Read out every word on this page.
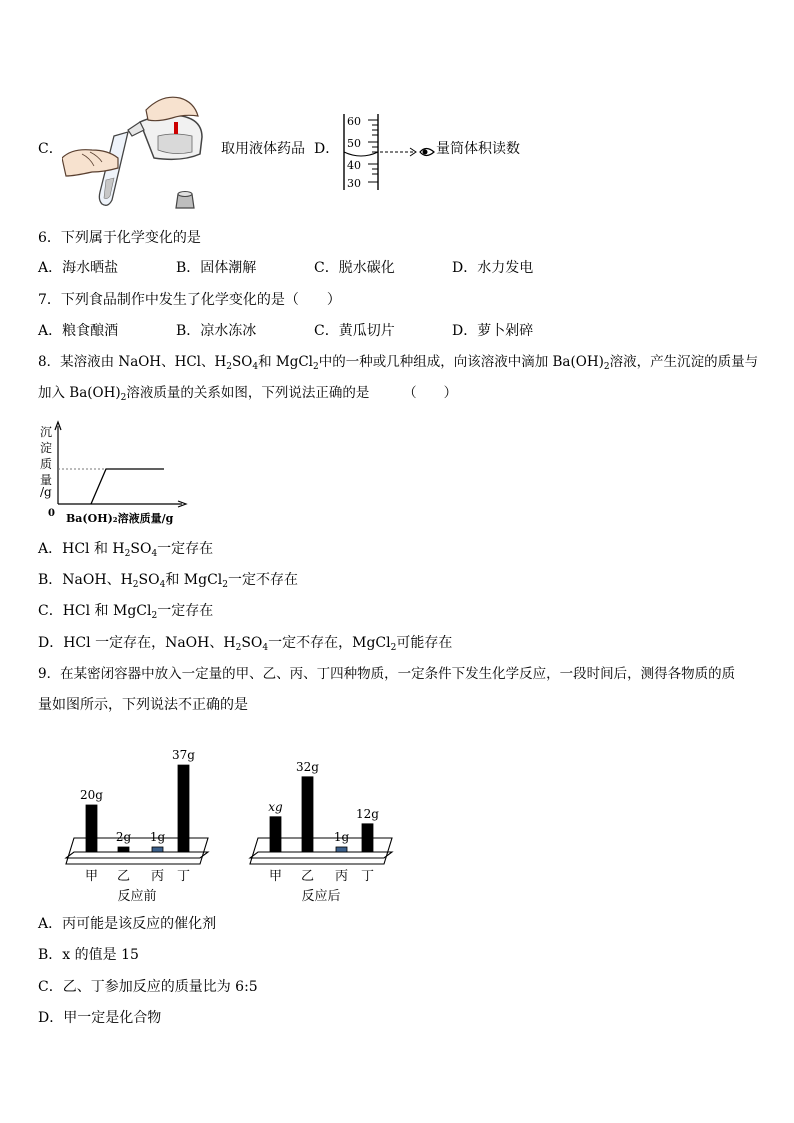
C．	取用液体药品 D．
60
50
40
30
量筒体积读数
6．下列属于化学变化的是
A．海水晒盐	B．固体潮解	C．脱水碳化	D．水力发电
7．下列食品制作中发生了化学变化的是（　　）
A．粮食酿酒	B．凉水冻冰	C．黄瓜切片	D．萝卜剁碎
8．某溶液由 NaOH、HCl、$H_2SO_4$和 MgCl$_2$中的一种或几种组成，向该溶液中滴加 $Ba(OH)_2$溶液，产生沉淀的质量与
加入 $Ba(OH)_2$溶液质量的关系如图，下列说法正确的是　　　（　　）
沉
淀
质
量
/g
0 Ba(OH)₂溶液质量/g
A．HCl 和 $H_2SO_4$一定存在
B．NaOH、$H_2SO_4$和 MgCl$_2$一定不存在
C．HCl 和 MgCl$_2$一定存在
D．HCl 一定存在，NaOH、$H_2SO_4$一定不存在，MgCl$_2$可能存在
9．在某密闭容器中放入一定量的甲、乙、丙、丁四种物质，一定条件下发生化学反应，一段时间后，测得各物质的质
量如图所示，下列说法不正确的是
20g
甲
2g
乙
1g
丙
37g
丁
反应前
xg
甲
32g
乙
1g
丙
12g
丁
反应后
A．丙可能是该反应的催化剂
B．x 的值是 15
C．乙、丁参加反应的质量比为 6:5
D．甲一定是化合物
